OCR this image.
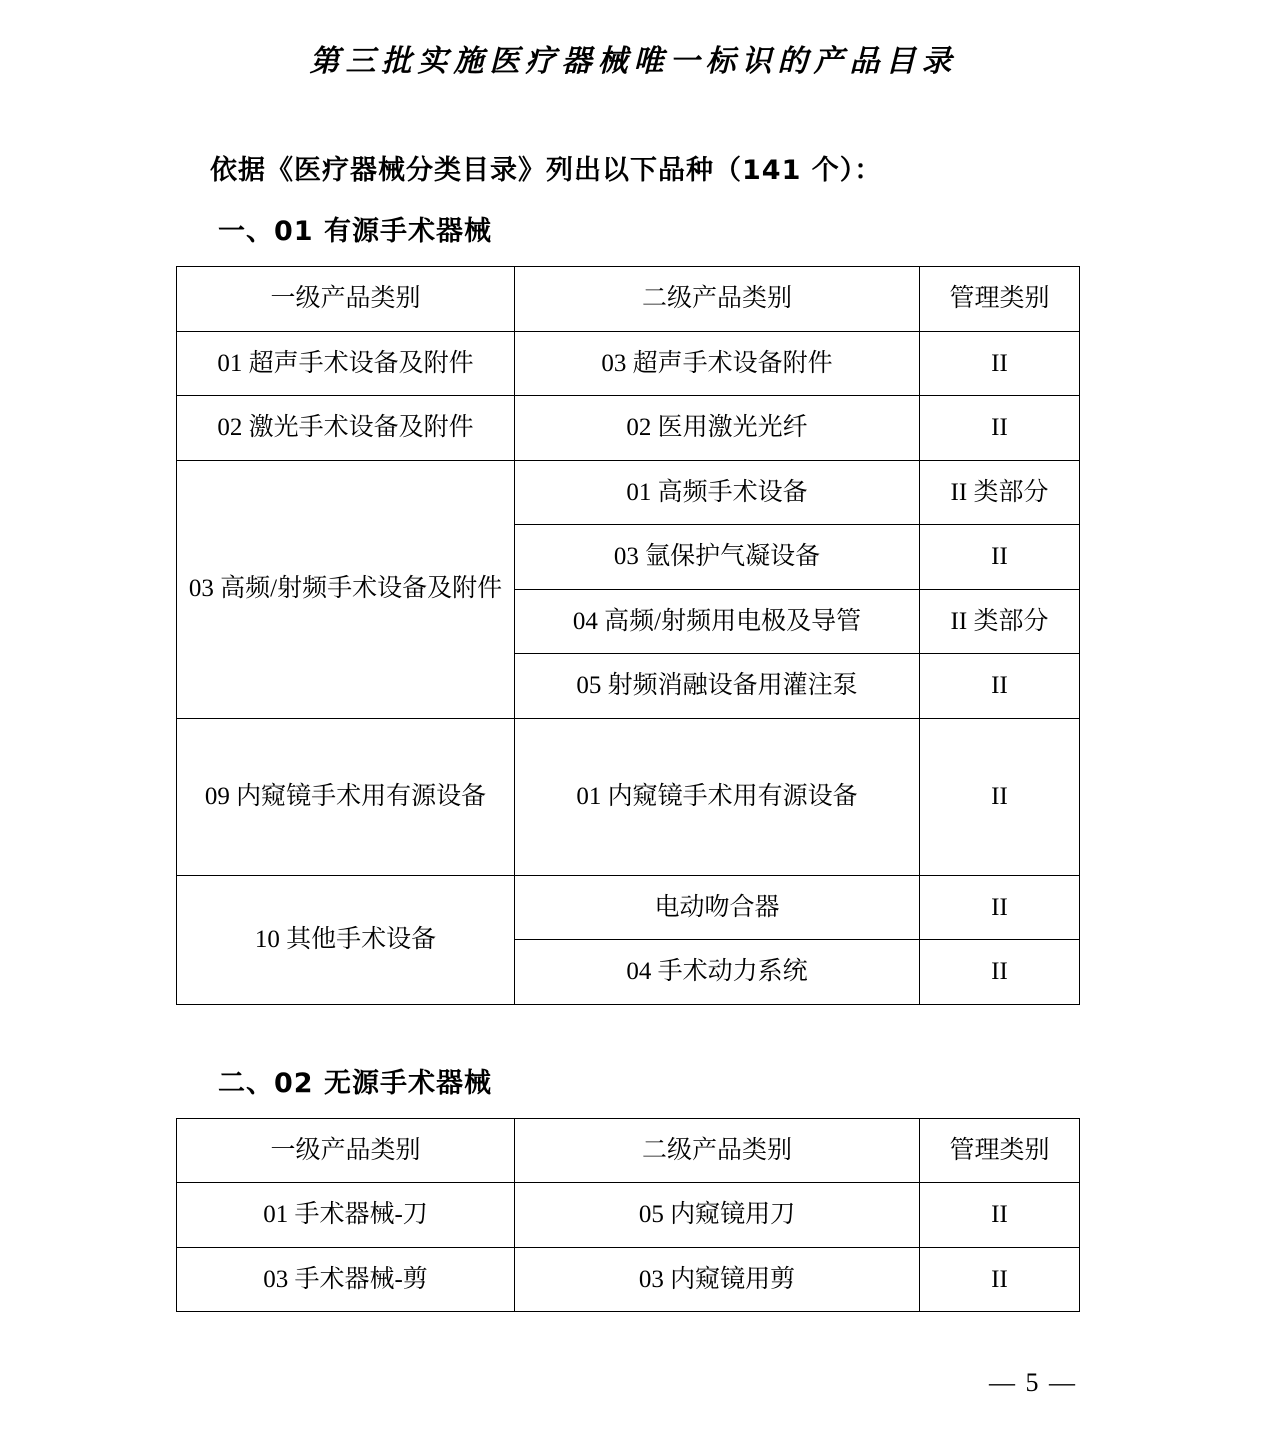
第三批实施医疗器械唯一标识的产品目录
依据《医疗器械分类目录》列出以下品种（141 个）：
一、01 有源手术器械
一级产品类别	二级产品类别	管理类别
01 超声手术设备及附件	03 超声手术设备附件	II
02 激光手术设备及附件	02 医用激光光纤	II
03 高频/射频手术设备及附件	01 高频手术设备	II 类部分
	03 氩保护气凝设备	II
	04 高频/射频用电极及导管	II 类部分
	05 射频消融设备用灌注泵	II
09 内窥镜手术用有源设备	01 内窥镜手术用有源设备	II
10 其他手术设备	电动吻合器	II
	04 手术动力系统	II
二、02 无源手术器械
一级产品类别	二级产品类别	管理类别
01 手术器械-刀	05 内窥镜用刀	II
03 手术器械-剪	03 内窥镜用剪	II
— 5 —
